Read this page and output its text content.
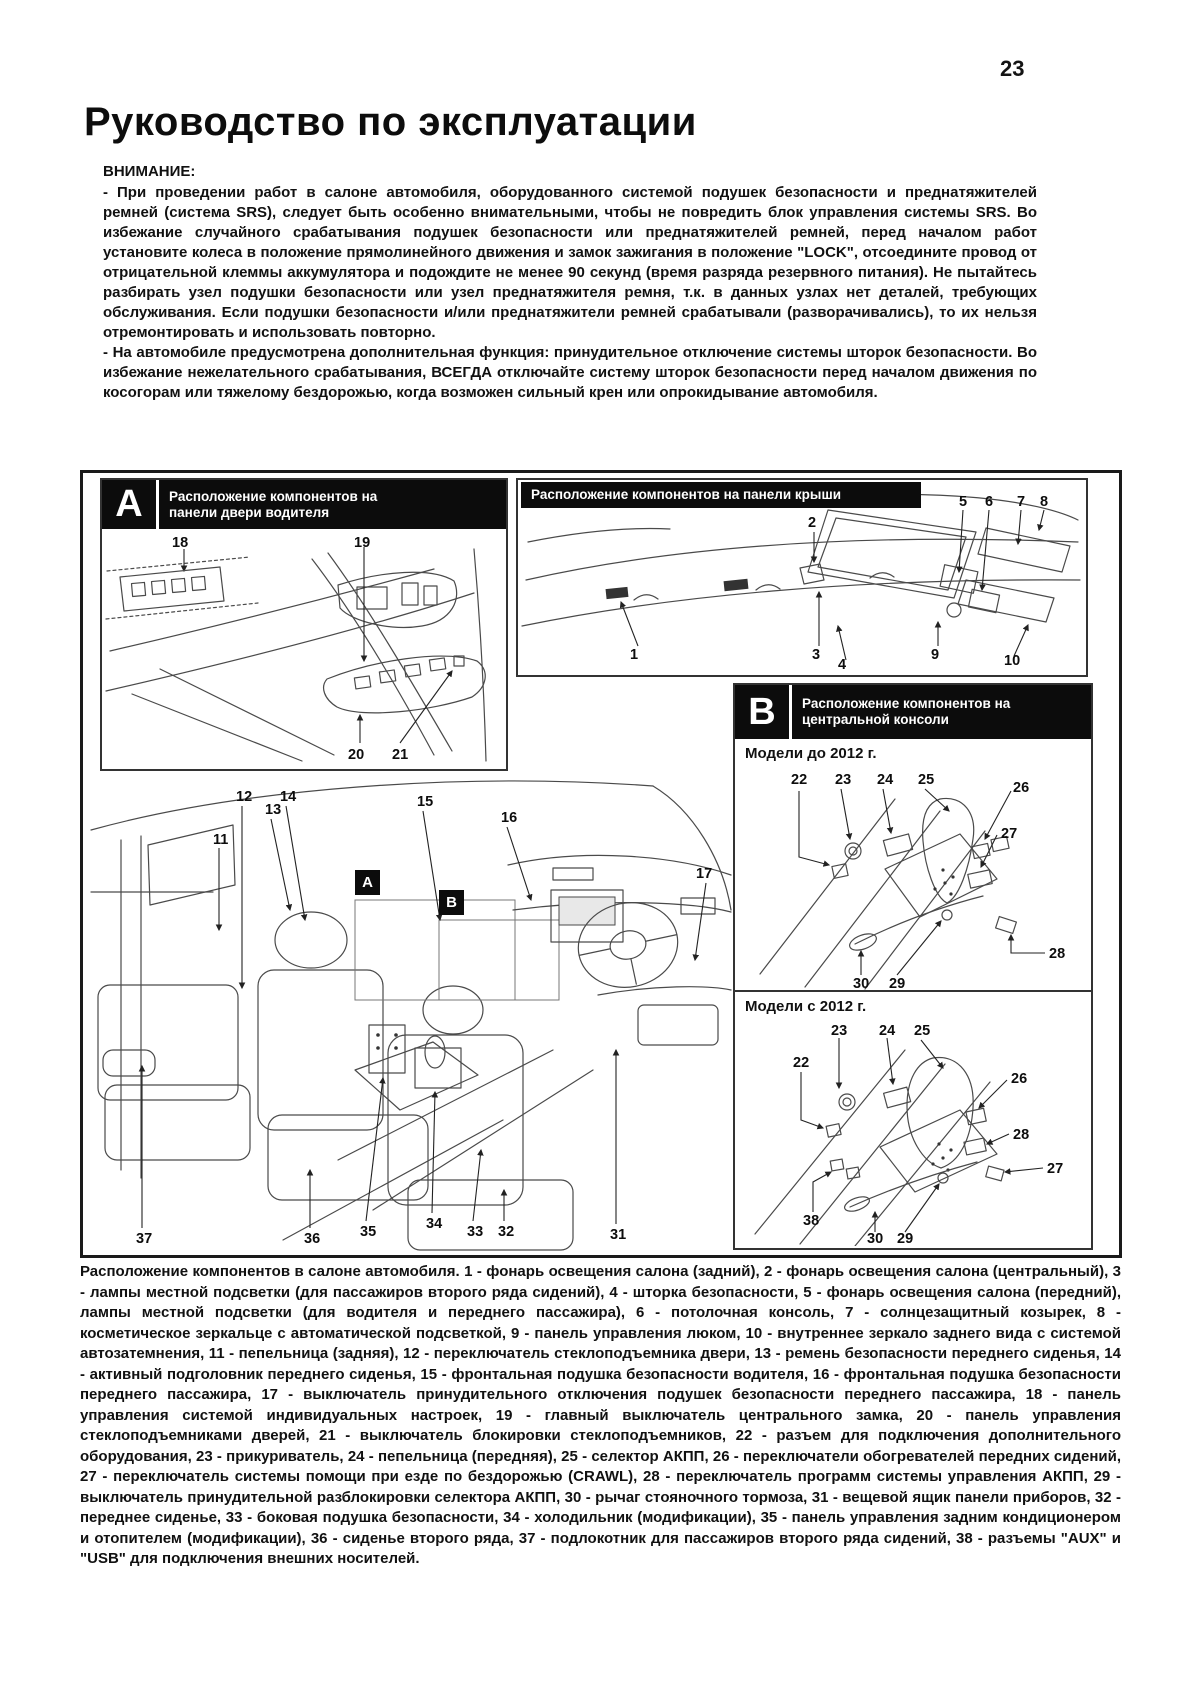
23
Руководство по эксплуатации
ВНИМАНИЕ:

- При проведении работ в салоне автомобиля, оборудованного системой подушек безопасности и преднатяжителей ремней (система SRS), следует быть особенно внимательными, чтобы не повредить блок управления системы SRS. Во избежание случайного срабатывания подушек безопасности или преднатяжителей ремней, перед началом работ установите колеса в положение прямолинейного движения и замок зажигания в положение "LOCK", отсоедините провод от отрицательной клеммы аккумулятора и подождите не менее 90 секунд (время разряда резервного питания). Не пытайтесь разбирать узел подушки безопасности или узел преднатяжителя ремня, т.к. в данных узлах нет деталей, требующих обслуживания. Если подушки безопасности и/или преднатяжители ремней срабатывали (разворачивались), то их нельзя отремонтировать и использовать повторно.

- На автомобиле предусмотрена дополнительная функция: принудительное отключение системы шторок безопасности. Во избежание нежелательного срабатывания, ВСЕГДА отключайте систему шторок безопасности перед началом движения по косогорам или тяжелому бездорожью, когда возможен сильный крен или опрокидывание автомобиля.

А	Расположение компонентов на панели двери водителя
18	19
20 21
Расположение компонентов на панели крыши	5 6 7 8
2
1	3
4
9	10
В	Расположение компонентов на центральной консоли
Модели до 2012 г.
22 23 24 25	26
27
28
30 29
Модели с 2012 г.
23 24 25
22
26
28
27
38
30 29
11
12
13
14	15
16
17
A
B
37	36	35	34 33 32	31

Расположение компонентов в салоне автомобиля. 1 - фонарь освещения салона (задний), 2 - фонарь освещения салона (центральный), 3 - лампы местной подсветки (для пассажиров второго ряда сидений), 4 - шторка безопасности, 5 - фонарь освещения салона (передний), лампы местной подсветки (для водителя и переднего пассажира), 6 - потолочная консоль, 7 - солнцезащитный козырек, 8 - косметическое зеркальце с автоматической подсветкой, 9 - панель управления люком, 10 - внутреннее зеркало заднего вида с системой автозатемнения, 11 - пепельница (задняя), 12 - переключатель стеклоподъемника двери, 13 - ремень безопасности переднего сиденья, 14 - активный подголовник переднего сиденья, 15 - фронтальная подушка безопасности водителя, 16 - фронтальная подушка безопасности переднего пассажира, 17 - выключатель принудительного отключения подушек безопасности переднего пассажира, 18 - панель управления системой индивидуальных настроек, 19 - главный выключатель центрального замка, 20 - панель управления стеклоподъемниками дверей, 21 - выключатель блокировки стеклоподъемников, 22 - разъем для подключения дополнительного оборудования, 23 - прикуриватель, 24 - пепельница (передняя), 25 - селектор АКПП, 26 - переключатели обогревателей передних сидений, 27 - переключатель системы помощи при езде по бездорожью (CRAWL), 28 - переключатель программ системы управления АКПП, 29 - выключатель принудительной разблокировки селектора АКПП, 30 - рычаг стояночного тормоза, 31 - вещевой ящик панели приборов, 32 - переднее сиденье, 33 - боковая подушка безопасности, 34 - холодильник (модификации), 35 - панель управления задним кондиционером и отопителем (модификации), 36 - сиденье второго ряда, 37 - подлокотник для пассажиров второго ряда сидений, 38 - разъемы "AUX" и "USB" для подключения внешних носителей.
